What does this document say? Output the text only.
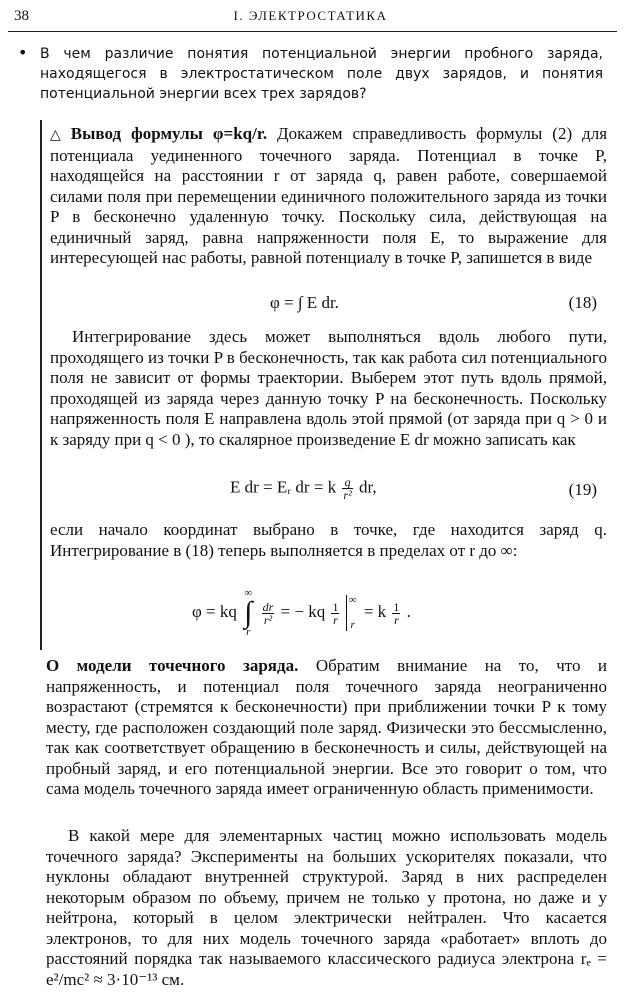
38	I. ЭЛЕКТРОСТАТИКА
• В чем различие понятия потенциальной энергии пробного заряда, находящегося в электростатическом поле двух зарядов, и понятия потенциальной энергии всех трех зарядов?
△ Вывод формулы φ=kq/r. Докажем справедливость формулы (2) для потенциала уединенного точечного заряда. Потенциал в точке P, находящейся на расстоянии r от заряда q, равен работе, совершаемой силами поля при перемещении единичного положительного заряда из точки P в бесконечно удаленную точку. Поскольку сила, действующая на единичный заряд, равна напряженности поля E, то выражение для интересующей нас работы, равной потенциалу в точке P, запишется в виде
φ = ∫ E dr.	(18)
Интегрирование здесь может выполняться вдоль любого пути, проходящего из точки P в бесконечность, так как работа сил потенциального поля не зависит от формы траектории. Выберем этот путь вдоль прямой, проходящей из заряда через данную точку P на бесконечность. Поскольку напряженность поля E направлена вдоль этой прямой (от заряда при q > 0 и к заряду при q < 0 ), то скалярное произведение E dr можно записать как
E dr = Eᵣ dr = k $\frac{q}{\text{r²}}$ dr,	(19)
если начало координат выбрано в точке, где находится заряд q. Интегрирование в (18) теперь выполняется в пределах от r до ∞:
φ = kq
∞
∫
r

$\frac{dr}{\text{r²}}$ = − kq $\frac{1}{r}$

∞
r
= k $\frac{1}{r}$ .
О модели точечного заряда. Обратим внимание на то, что и напряженность, и потенциал поля точечного заряда неограниченно возрастают (стремятся к бесконечности) при приближении точки P к тому месту, где расположен создающий поле заряд. Физически это бессмысленно, так как соответствует обращению в бесконечность и силы, действующей на пробный заряд, и его потенциальной энергии. Все это говорит о том, что сама модель точечного заряда имеет ограниченную область применимости.
В какой мере для элементарных частиц можно использовать модель точечного заряда? Эксперименты на больших ускорителях показали, что нуклоны обладают внутренней структурой. Заряд в них распределен некоторым образом по объему, причем не только у протона, но даже и у нейтрона, который в целом электрически нейтрален. Что касается электронов, то для них модель точечного заряда «работает» вплоть до расстояний порядка так называемого классического радиуса электрона rₑ = e²/mc² ≈ 3·10⁻¹³ см.
